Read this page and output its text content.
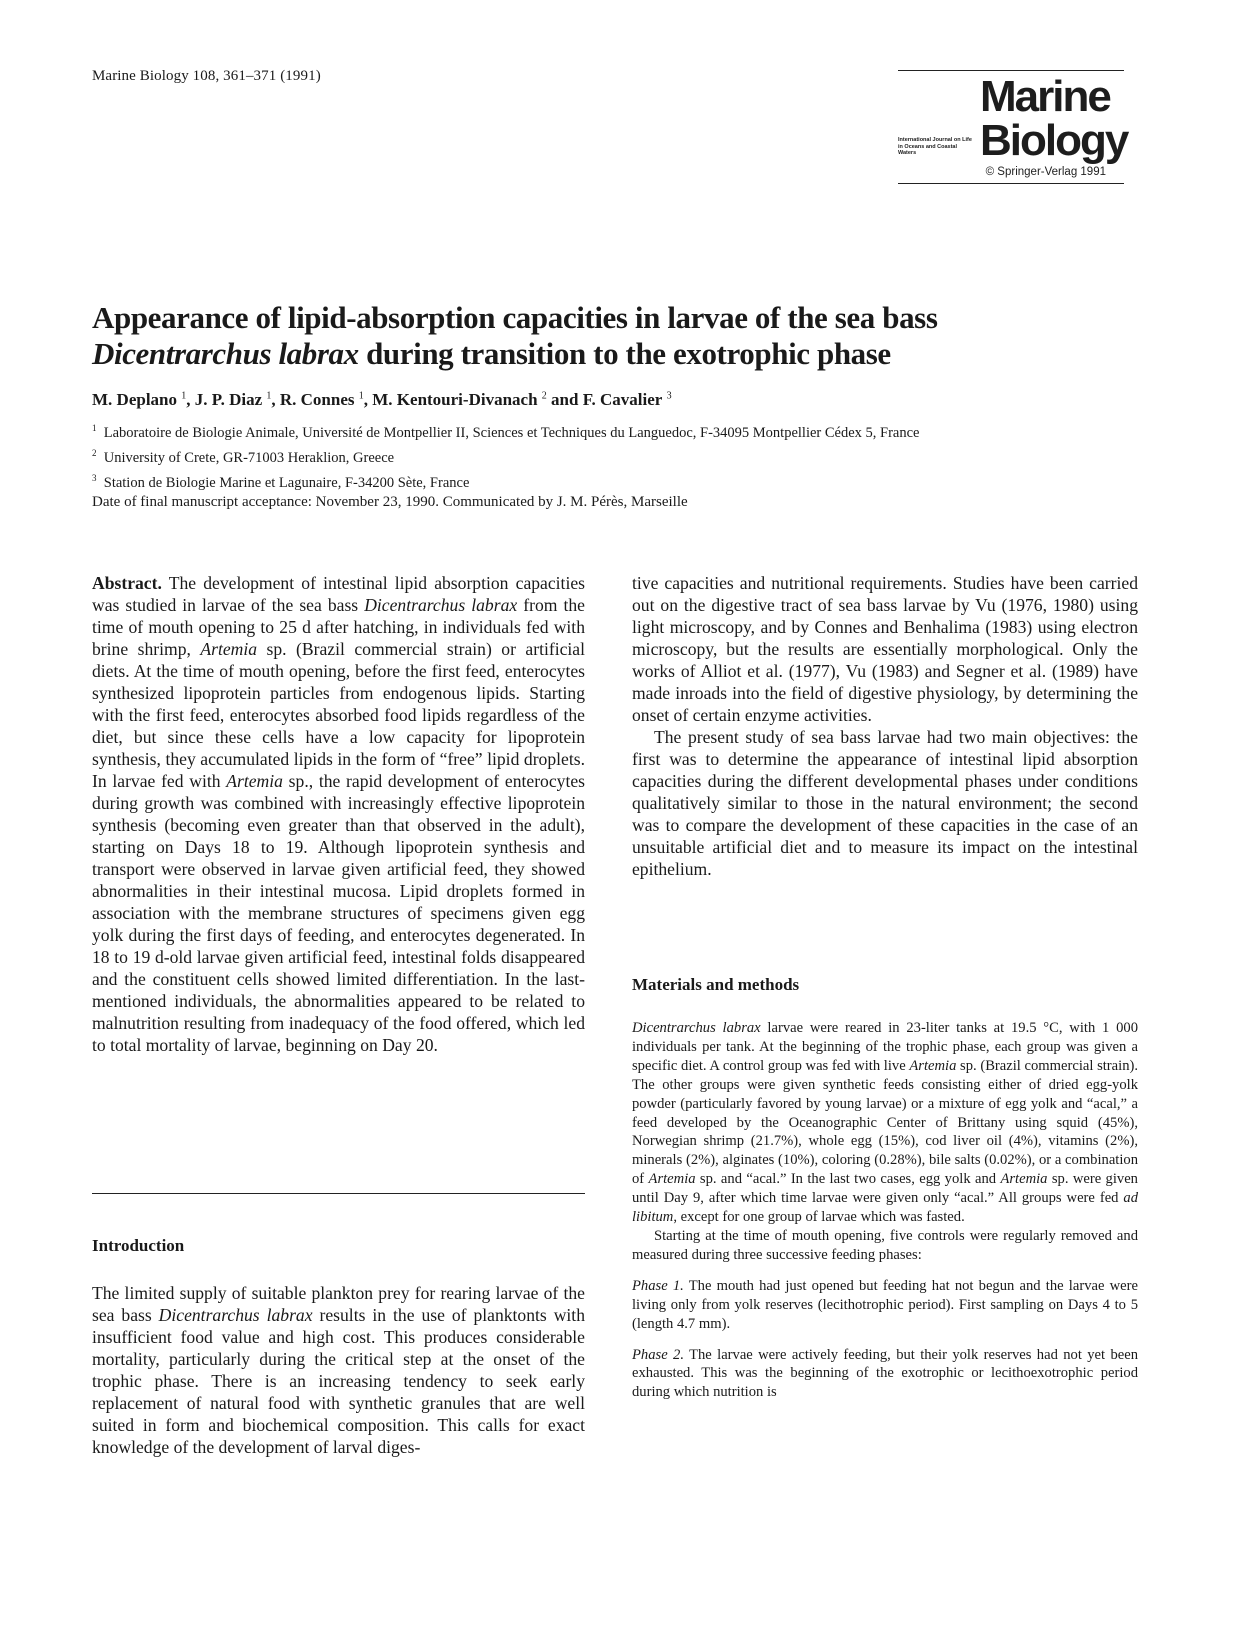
Marine Biology 108, 361–371 (1991)	Marine
International Journal on Life in Oceans and Coastal Waters	Biology
© Springer-Verlag 1991
Appearance of lipid-absorption capacities in larvae of the sea bass
Dicentrarchus labrax during transition to the exotrophic phase
M. Deplano $^1$, J. P. Diaz $^1$, R. Connes $^1$, M. Kentouri-Divanach $^2$ and F. Cavalier $^3$
$^1$ Laboratoire de Biologie Animale, Université de Montpellier II, Sciences et Techniques du Languedoc, F-34095 Montpellier Cédex 5, France
$^2$ University of Crete, GR-71003 Heraklion, Greece
$^3$ Station de Biologie Marine et Lagunaire, F-34200 Sète, France
Date of final manuscript acceptance: November 23, 1990. Communicated by J. M. Pérès, Marseille

Abstract. The development of intestinal lipid absorption capacities was studied in larvae of the sea bass Dicentrarchus labrax from the time of mouth opening to 25 d after hatching, in individuals fed with brine shrimp, Artemia sp. (Brazil commercial strain) or artificial diets. At the time of mouth opening, before the first feed, enterocytes synthesized lipoprotein particles from endogenous lipids. Starting with the first feed, enterocytes absorbed food lipids regardless of the diet, but since these cells have a low capacity for lipoprotein synthesis, they accumulated lipids in the form of “free” lipid droplets. In larvae fed with Artemia sp., the rapid development of enterocytes during growth was combined with increasingly effective lipoprotein synthesis (becoming even greater than that observed in the adult), starting on Days 18 to 19. Although lipoprotein synthesis and transport were observed in larvae given artificial feed, they showed abnormalities in their intestinal mucosa. Lipid droplets formed in association with the membrane structures of specimens given egg yolk during the first days of feeding, and enterocytes degenerated. In 18 to 19 d-old larvae given artificial feed, intestinal folds disappeared and the constituent cells showed limited differentiation. In the last-mentioned individuals, the abnormalities appeared to be related to malnutrition resulting from inadequacy of the food offered, which led to total mortality of larvae, beginning on Day 20.

Introduction

The limited supply of suitable plankton prey for rearing larvae of the sea bass Dicentrarchus labrax results in the use of planktonts with insufficient food value and high cost. This produces considerable mortality, particularly during the critical step at the onset of the trophic phase. There is an increasing tendency to seek early replacement of natural food with synthetic granules that are well suited in form and biochemical composition. This calls for exact knowledge of the development of larval diges-

tive capacities and nutritional requirements. Studies have been carried out on the digestive tract of sea bass larvae by Vu (1976, 1980) using light microscopy, and by Connes and Benhalima (1983) using electron microscopy, but the results are essentially morphological. Only the works of Alliot et al. (1977), Vu (1983) and Segner et al. (1989) have made inroads into the field of digestive physiology, by determining the onset of certain enzyme activities.

The present study of sea bass larvae had two main objectives: the first was to determine the appearance of intestinal lipid absorption capacities during the different developmental phases under conditions qualitatively similar to those in the natural environment; the second was to compare the development of these capacities in the case of an unsuitable artificial diet and to measure its impact on the intestinal epithelium.

Materials and methods

Dicentrarchus labrax larvae were reared in 23-liter tanks at 19.5 °C, with 1 000 individuals per tank. At the beginning of the trophic phase, each group was given a specific diet. A control group was fed with live Artemia sp. (Brazil commercial strain). The other groups were given synthetic feeds consisting either of dried egg-yolk powder (particularly favored by young larvae) or a mixture of egg yolk and “acal,” a feed developed by the Oceanographic Center of Brittany using squid (45%), Norwegian shrimp (21.7%), whole egg (15%), cod liver oil (4%), vitamins (2%), minerals (2%), alginates (10%), coloring (0.28%), bile salts (0.02%), or a combination of Artemia sp. and “acal.” In the last two cases, egg yolk and Artemia sp. were given until Day 9, after which time larvae were given only “acal.” All groups were fed ad libitum, except for one group of larvae which was fasted.

Starting at the time of mouth opening, five controls were regularly removed and measured during three successive feeding phases:

Phase 1. The mouth had just opened but feeding hat not begun and the larvae were living only from yolk reserves (lecithotrophic period). First sampling on Days 4 to 5 (length 4.7 mm).

Phase 2. The larvae were actively feeding, but their yolk reserves had not yet been exhausted. This was the beginning of the exotrophic or lecithoexotrophic period during which nutrition is
